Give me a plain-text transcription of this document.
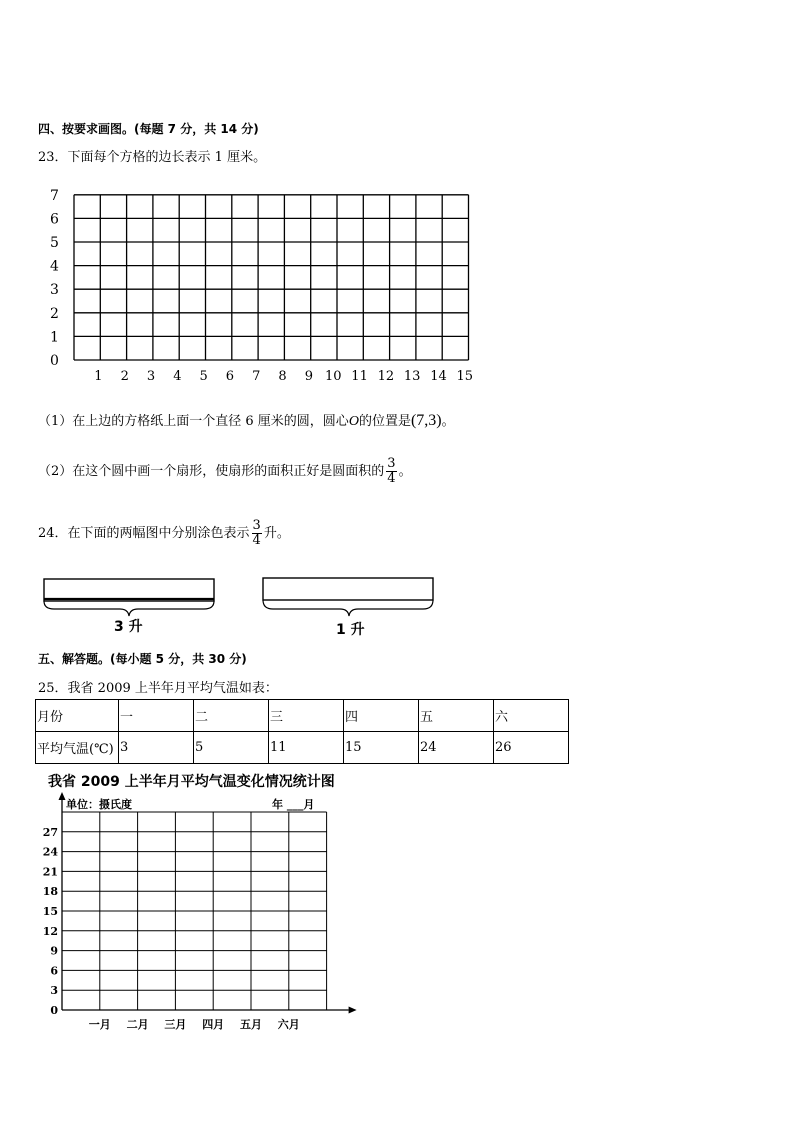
四、按要求画图。(每题 7 分，共 14 分)
23．下面每个方格的边长表示 1 厘米。
0
1
2
3
4
5
6
7
1 2 3 4 5 6 7 8 9 10 11 12 13 14 15
（1）在上边的方格纸上面一个直径 6 厘米的圆，圆心O的位置是(7,3)。
（2）在这个圆中画一个扇形，使扇形的面积正好是圆面积的 $\frac{3}{4}$ 。
24．在下面的两幅图中分别涂色表示 $\frac{3}{4}$ 升。
3 升	1 升
五、解答题。(每小题 5 分，共 30 分)
25．我省 2009 上半年月平均气温如表：
月份	一	二	三	四	五	六
平均气温(℃)	3	5	11	15	24	26
我省 2009 上半年月平均气温变化情况统计图
单位：摄氏度	年 ___月
0
3
6
9
12
15
18
21
24
27
一月 二月 三月 四月 五月 六月
